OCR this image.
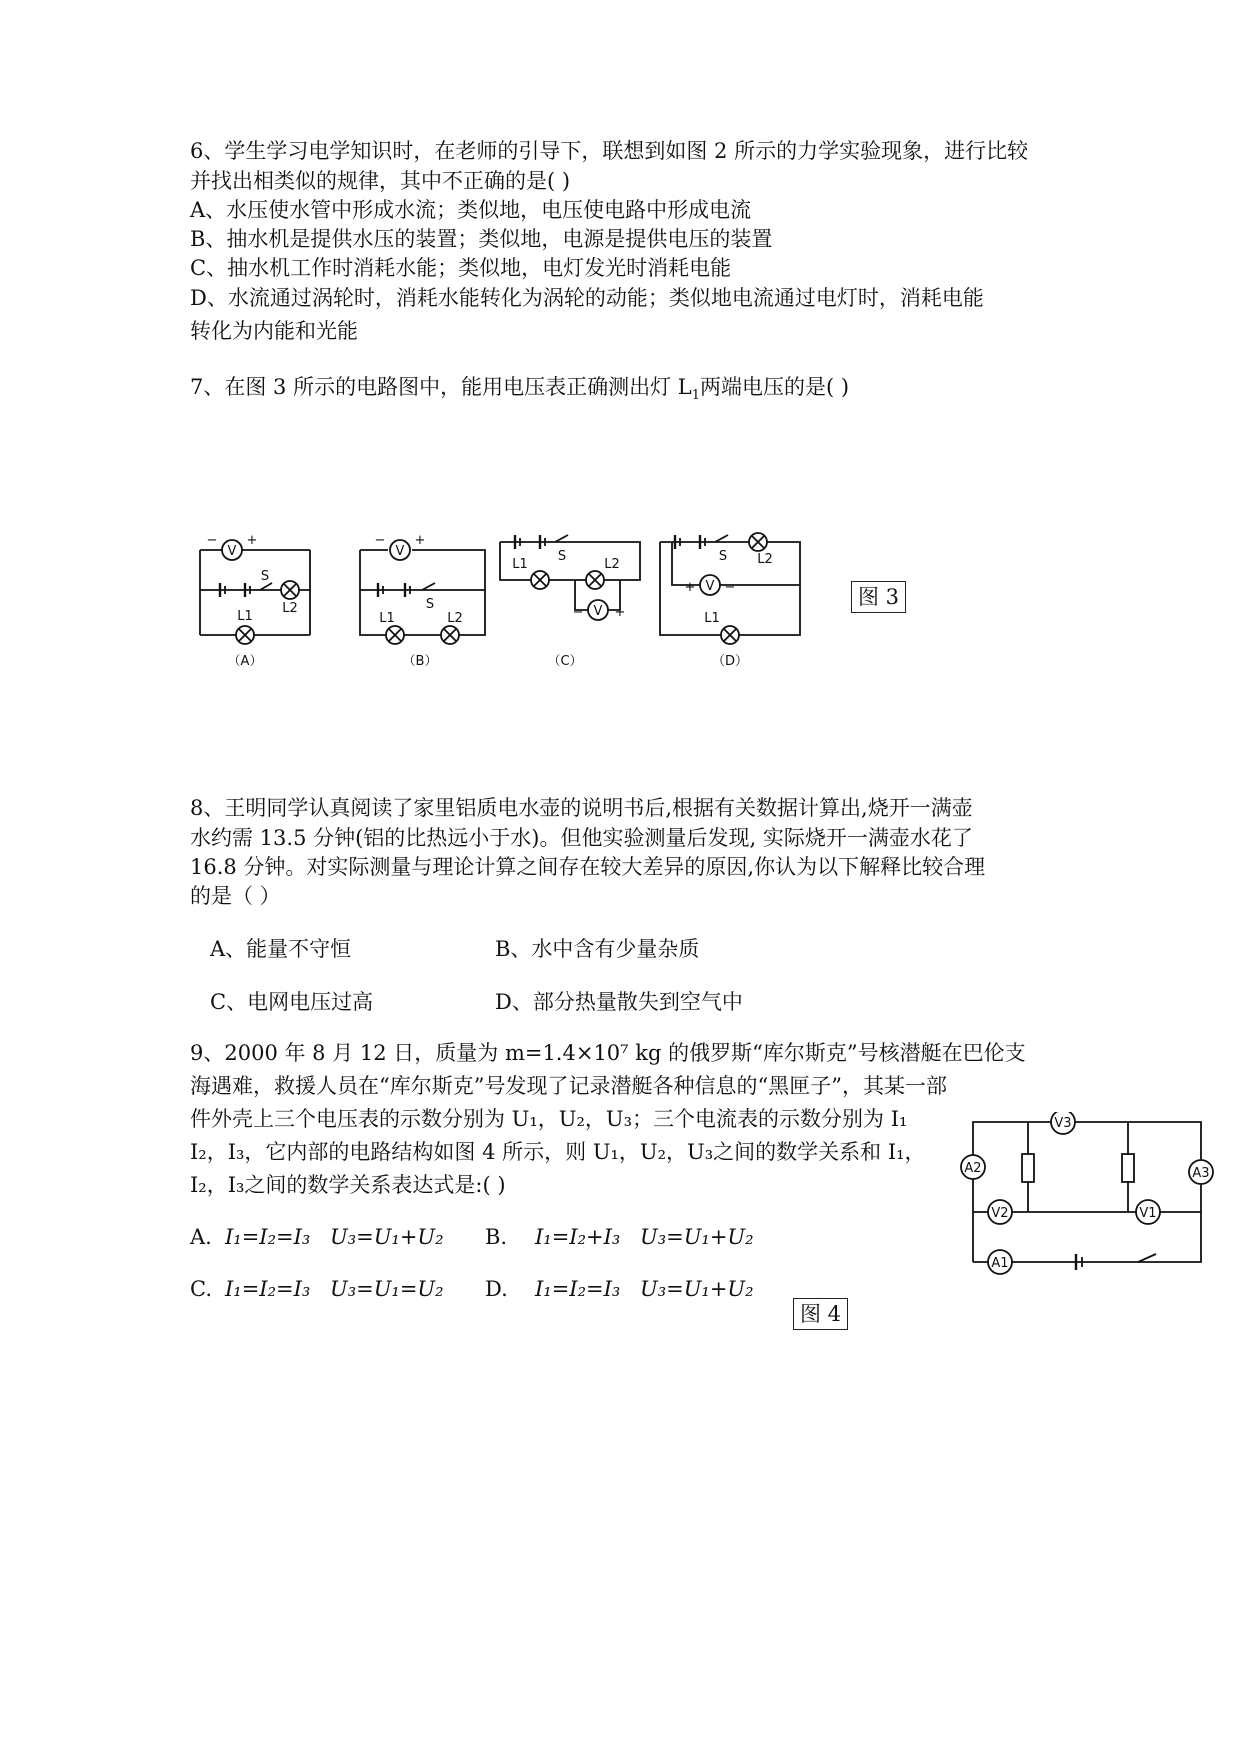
6、学生学习电学知识时，在老师的引导下，联想到如图 2 所示的力学实验现象，进行比较
并找出相类似的规律，其中不正确的是( )
A、水压使水管中形成水流；类似地，电压使电路中形成电流
B、抽水机是提供水压的装置；类似地，电源是提供电压的装置
C、抽水机工作时消耗水能；类似地，电灯发光时消耗电能
D、水流通过涡轮时，消耗水能转化为涡轮的动能；类似地电流通过电灯时，消耗电能
转化为内能和光能
7、在图 3 所示的电路图中，能用电压表正确测出灯 $L_1$两端电压的是( )
V
− +
S
L1
L2
（A）
V
− +
S
L1	L2
（B）
S
L1	L2
V
− +
（C）
S L2
V
+ −
L1
（D）
图 3
8、王明同学认真阅读了家里铝质电水壶的说明书后,根据有关数据计算出,烧开一满壶
水约需 13.5 分钟(铝的比热远小于水)。但他实验测量后发现, 实际烧开一满壶水花了
16.8 分钟。对实际测量与理论计算之间存在较大差异的原因,你认为以下解释比较合理
的是（ ）
A、能量不守恒	B、水中含有少量杂质
C、电网电压过高	D、部分热量散失到空气中
9、2000 年 8 月 12 日，质量为 m=1.4×10⁷ kg 的俄罗斯“库尔斯克”号核潜艇在巴伦支
海遇难，救援人员在“库尔斯克”号发现了记录潜艇各种信息的“黑匣子”，其某一部
件外壳上三个电压表的示数分别为 U₁，U₂，U₃；三个电流表的示数分别为 I₁
I₂，I₃，它内部的电路结构如图 4 所示，则 U₁，U₂，U₃之间的数学关系和 I₁，
I₂，I₃之间的数学关系表达式是:( )
A. I₁=I₂=I₃ U₃=U₁+U₂ B. I₁=I₂+I₃ U₃=U₁+U₂
C. I₁=I₂=I₃ U₃=U₁=U₂ D. I₁=I₂=I₃ U₃=U₁+U₂
V3
A2	A3
V2	V1
A1
图 4
